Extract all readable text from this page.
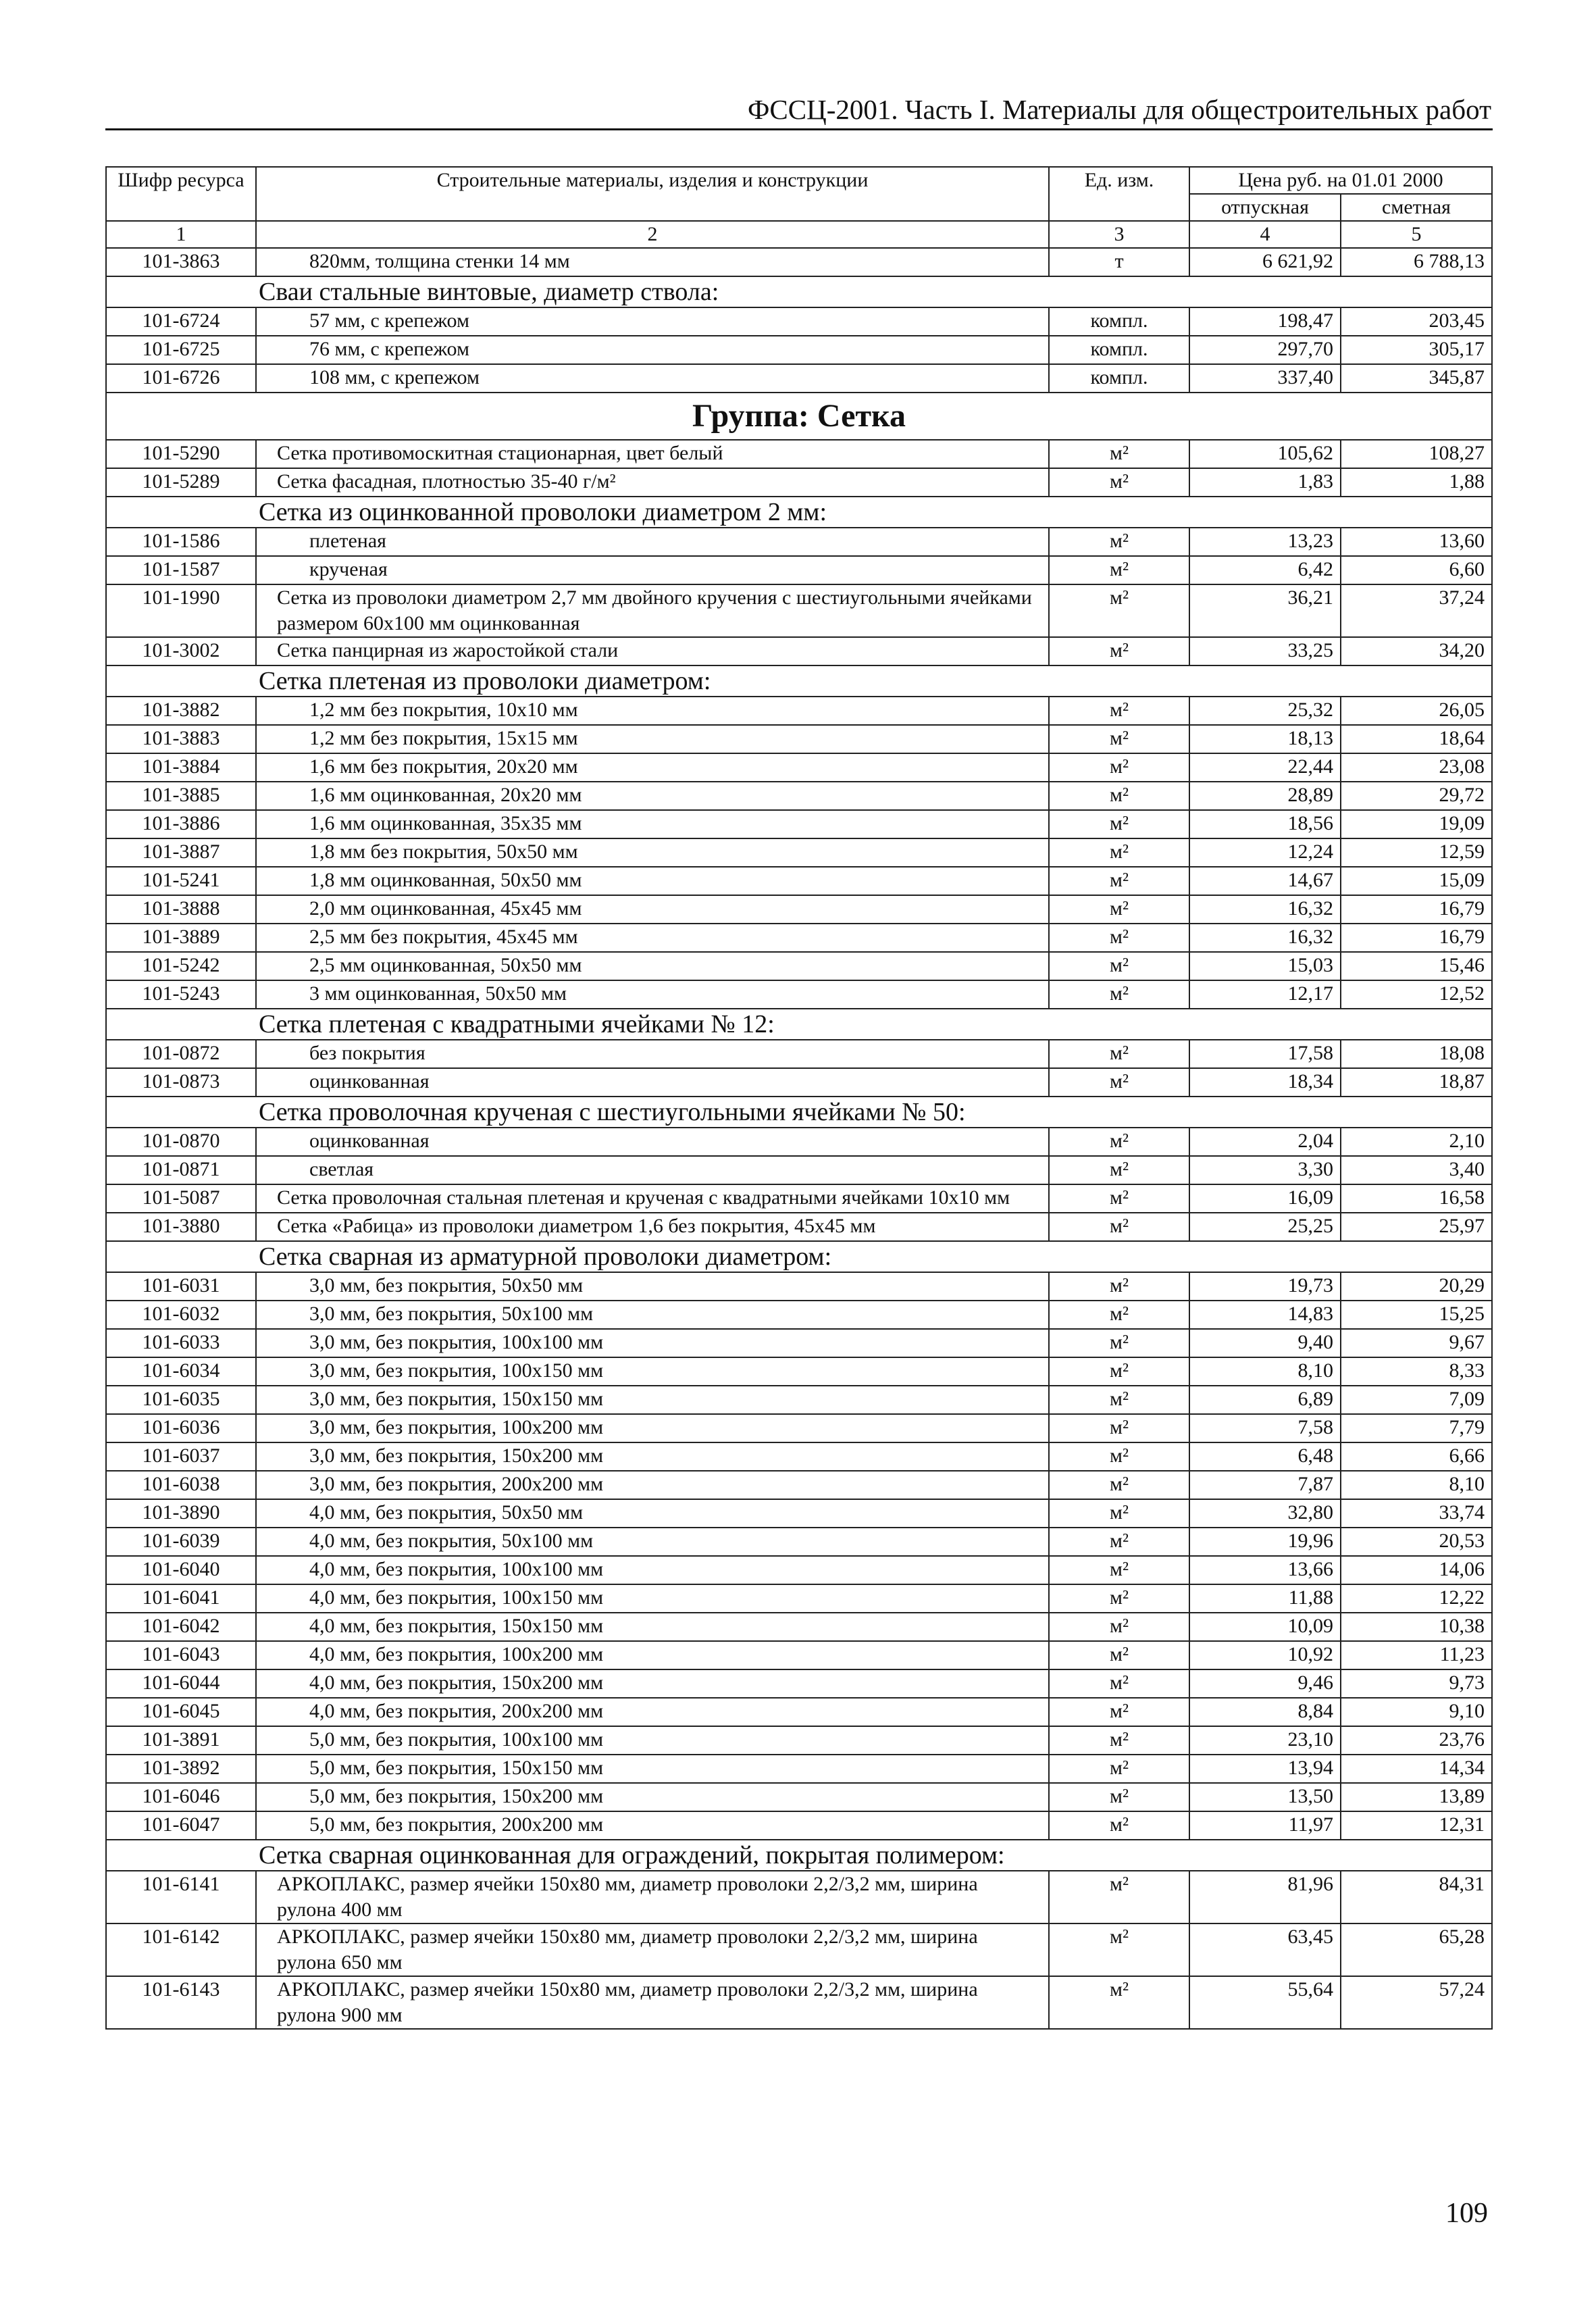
ФССЦ-2001. Часть I. Материалы для общестроительных работ
Шифр ресурса	Строительные материалы, изделия и конструкции	Ед. изм.	Цена руб. на 01.01 2000	
			отпускная	сметная
1	2	3	4	5
101-3863	820мм, толщина стенки 14 мм	т	6 621,92	6 788,13
Сваи стальные винтовые, диаметр ствола:				
101-6724	57 мм, с крепежом	компл.	198,47	203,45
101-6725	76 мм, с крепежом	компл.	297,70	305,17
101-6726	108 мм, с крепежом	компл.	337,40	345,87
Группа: Сетка				
101-5290	Сетка противомоскитная стационарная, цвет белый	м²	105,62	108,27
101-5289	Сетка фасадная, плотностью 35-40 г/м²	м²	1,83	1,88
Сетка из оцинкованной проволоки диаметром 2 мм:				
101-1586	плетеная	м²	13,23	13,60
101-1587	крученая	м²	6,42	6,60
101-1990	Сетка из проволоки диаметром 2,7 мм двойного кручения с шестиугольными ячейками размером 60х100 мм оцинкованная	м²	36,21	37,24
101-3002	Сетка панцирная из жаростойкой стали	м²	33,25	34,20
Сетка плетеная из проволоки диаметром:				
101-3882	1,2 мм без покрытия, 10х10 мм	м²	25,32	26,05
101-3883	1,2 мм без покрытия, 15х15 мм	м²	18,13	18,64
101-3884	1,6 мм без покрытия, 20х20 мм	м²	22,44	23,08
101-3885	1,6 мм оцинкованная, 20х20 мм	м²	28,89	29,72
101-3886	1,6 мм оцинкованная, 35х35 мм	м²	18,56	19,09
101-3887	1,8 мм без покрытия, 50х50 мм	м²	12,24	12,59
101-5241	1,8 мм оцинкованная, 50х50 мм	м²	14,67	15,09
101-3888	2,0 мм оцинкованная, 45х45 мм	м²	16,32	16,79
101-3889	2,5 мм без покрытия, 45х45 мм	м²	16,32	16,79
101-5242	2,5 мм оцинкованная, 50х50 мм	м²	15,03	15,46
101-5243	3 мм оцинкованная, 50х50 мм	м²	12,17	12,52
Сетка плетеная с квадратными ячейками № 12:				
101-0872	без покрытия	м²	17,58	18,08
101-0873	оцинкованная	м²	18,34	18,87
Сетка проволочная крученая с шестиугольными ячейками № 50:				
101-0870	оцинкованная	м²	2,04	2,10
101-0871	светлая	м²	3,30	3,40
101-5087	Сетка проволочная стальная плетеная и крученая с квадратными ячейками 10х10 мм	м²	16,09	16,58
101-3880	Сетка «Рабица» из проволоки диаметром 1,6 без покрытия, 45х45 мм	м²	25,25	25,97
Сетка сварная из арматурной проволоки диаметром:				
101-6031	3,0 мм, без покрытия, 50х50 мм	м²	19,73	20,29
101-6032	3,0 мм, без покрытия, 50х100 мм	м²	14,83	15,25
101-6033	3,0 мм, без покрытия, 100х100 мм	м²	9,40	9,67
101-6034	3,0 мм, без покрытия, 100х150 мм	м²	8,10	8,33
101-6035	3,0 мм, без покрытия, 150х150 мм	м²	6,89	7,09
101-6036	3,0 мм, без покрытия, 100х200 мм	м²	7,58	7,79
101-6037	3,0 мм, без покрытия, 150х200 мм	м²	6,48	6,66
101-6038	3,0 мм, без покрытия, 200х200 мм	м²	7,87	8,10
101-3890	4,0 мм, без покрытия, 50х50 мм	м²	32,80	33,74
101-6039	4,0 мм, без покрытия, 50х100 мм	м²	19,96	20,53
101-6040	4,0 мм, без покрытия, 100х100 мм	м²	13,66	14,06
101-6041	4,0 мм, без покрытия, 100х150 мм	м²	11,88	12,22
101-6042	4,0 мм, без покрытия, 150х150 мм	м²	10,09	10,38
101-6043	4,0 мм, без покрытия, 100х200 мм	м²	10,92	11,23
101-6044	4,0 мм, без покрытия, 150х200 мм	м²	9,46	9,73
101-6045	4,0 мм, без покрытия, 200х200 мм	м²	8,84	9,10
101-3891	5,0 мм, без покрытия, 100х100 мм	м²	23,10	23,76
101-3892	5,0 мм, без покрытия, 150х150 мм	м²	13,94	14,34
101-6046	5,0 мм, без покрытия, 150х200 мм	м²	13,50	13,89
101-6047	5,0 мм, без покрытия, 200х200 мм	м²	11,97	12,31
Сетка сварная оцинкованная для ограждений, покрытая полимером:				
101-6141	АРКОПЛАКС, размер ячейки 150х80 мм, диаметр проволоки 2,2/3,2 мм, ширина рулона 400 мм	м²	81,96	84,31
101-6142	АРКОПЛАКС, размер ячейки 150х80 мм, диаметр проволоки 2,2/3,2 мм, ширина рулона 650 мм	м²	63,45	65,28
101-6143	АРКОПЛАКС, размер ячейки 150х80 мм, диаметр проволоки 2,2/3,2 мм, ширина рулона 900 мм	м²	55,64	57,24
109
